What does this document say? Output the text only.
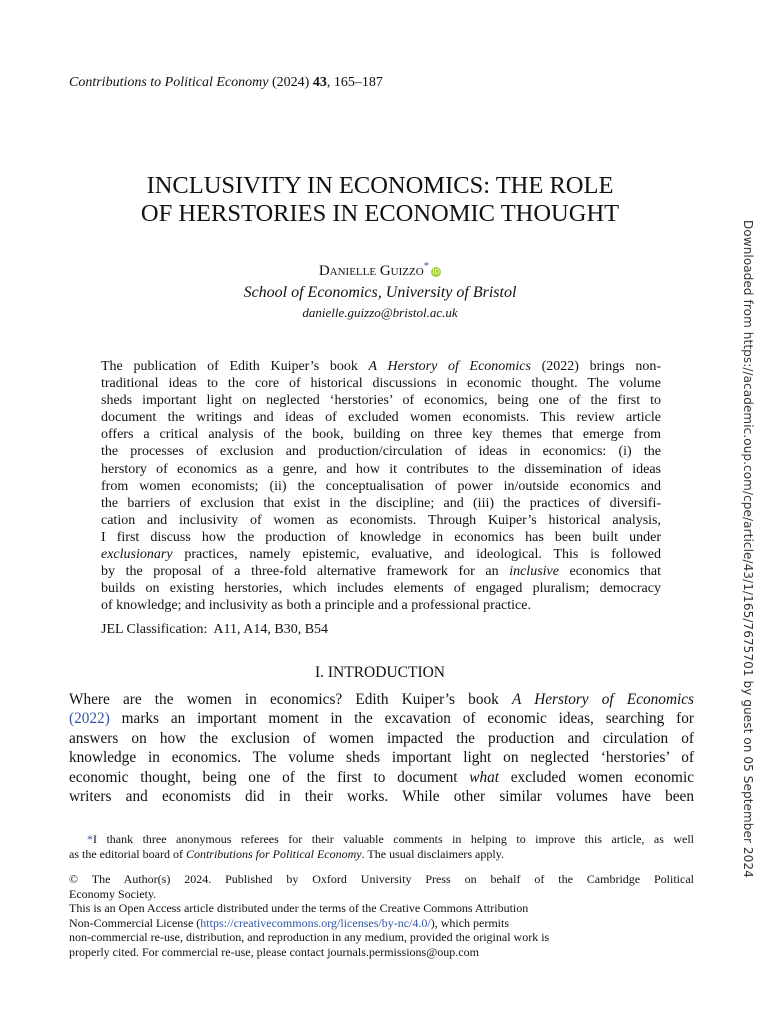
Contributions to Political Economy (2024) 43, 165–187
INCLUSIVITY IN ECONOMICS: THE ROLE
OF HERSTORIES IN ECONOMIC THOUGHT
Danielle Guizzo* iD
School of Economics, University of Bristol
danielle.guizzo@bristol.ac.uk
The publication of Edith Kuiper’s book A Herstory of Economics (2022) brings non-
traditional ideas to the core of historical discussions in economic thought. The volume
sheds important light on neglected ‘herstories’ of economics, being one of the first to
document the writings and ideas of excluded women economists. This review article
offers a critical analysis of the book, building on three key themes that emerge from
the processes of exclusion and production/circulation of ideas in economics: (i) the
herstory of economics as a genre, and how it contributes to the dissemination of ideas
from women economists; (ii) the conceptualisation of power in/outside economics and
the barriers of exclusion that exist in the discipline; and (iii) the practices of diversifi-
cation and inclusivity of women as economists. Through Kuiper’s historical analysis,
I first discuss how the production of knowledge in economics has been built under
exclusionary practices, namely epistemic, evaluative, and ideological. This is followed
by the proposal of a three-fold alternative framework for an inclusive economics that
builds on existing herstories, which includes elements of engaged pluralism; democracy
of knowledge; and inclusivity as both a principle and a professional practice.
JEL Classification: A11, A14, B30, B54
I. INTRODUCTION
Where are the women in economics? Edith Kuiper’s book A Herstory of Economics
(2022) marks an important moment in the excavation of economic ideas, searching for
answers on how the exclusion of women impacted the production and circulation of
knowledge in economics. The volume sheds important light on neglected ‘herstories’ of
economic thought, being one of the first to document what excluded women economic
writers and economists did in their works. While other similar volumes have been
   *I thank three anonymous referees for their valuable comments in helping to improve this article, as well
as the editorial board of Contributions for Political Economy. The usual disclaimers apply.
© The Author(s) 2024. Published by Oxford University Press on behalf of the Cambridge Political
Economy Society.
This is an Open Access article distributed under the terms of the Creative Commons Attribution
Non-Commercial License (https://creativecommons.org/licenses/by-nc/4.0/), which permits
non-commercial re-use, distribution, and reproduction in any medium, provided the original work is
properly cited. For commercial re-use, please contact journals.permissions@oup.com
Downloaded from https://academic.oup.com/cpe/article/43/1/165/7675701 by guest on 05 September 2024
